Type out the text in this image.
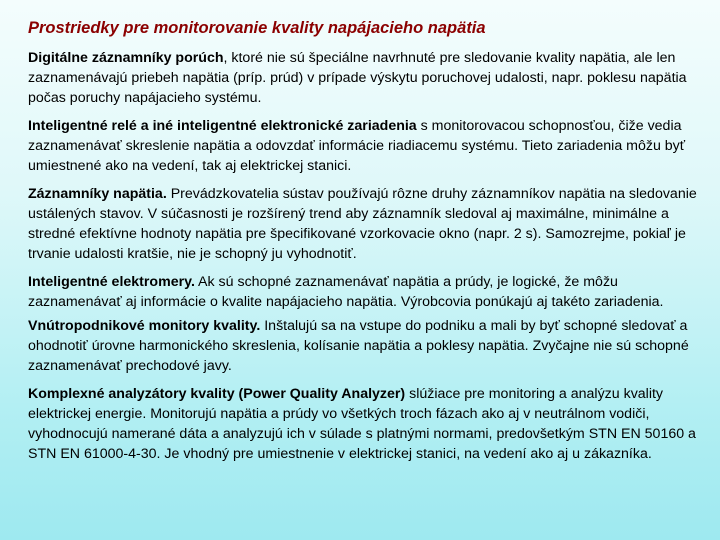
Prostriedky pre monitorovanie kvality napájacieho napätia
Digitálne záznamníky porúch, ktoré nie sú špeciálne navrhnuté pre sledovanie kvality napätia, ale len zaznamenávajú priebeh napätia (príp. prúd) v prípade výskytu poruchovej udalosti, napr. poklesu napätia počas poruchy napájacieho systému.
Inteligentné relé a iné inteligentné elektronické zariadenia s monitorovacou schopnosťou, čiže vedia zaznamenávať skreslenie napätia a odovzdať informácie riadiacemu systému. Tieto zariadenia môžu byť umiestnené ako na vedení, tak aj elektrickej stanici.
Záznamníky napätia. Prevádzkovatelia sústav používajú rôzne druhy záznamníkov napätia na sledovanie ustálených stavov. V súčasnosti je rozšírený trend aby záznamník sledoval aj maximálne, minimálne a stredné efektívne hodnoty napätia pre špecifikované vzorkovacie okno (napr. 2 s). Samozrejme, pokiaľ je trvanie udalosti kratšie, nie je schopný ju vyhodnotiť.
Inteligentné elektromery. Ak sú schopné zaznamenávať napätia a prúdy, je logické, že môžu zaznamenávať aj informácie o kvalite napájacieho napätia. Výrobcovia ponúkajú aj takéto zariadenia.
Vnútropodnikové monitory kvality. Inštalujú sa na vstupe do podniku a mali by byť schopné sledovať a ohodnotiť úrovne harmonického skreslenia, kolísanie napätia a poklesy napätia. Zvyčajne nie sú schopné zaznamenávať prechodové javy.
Komplexné analyzátory kvality (Power Quality Analyzer) slúžiace pre monitoring a analýzu kvality elektrickej energie. Monitorujú napätia a prúdy vo všetkých troch fázach ako aj v neutrálnom vodiči, vyhodnocujú namerané dáta a analyzujú ich v súlade s platnými normami, predovšetkým STN EN 50160 a STN EN 61000-4-30. Je vhodný pre umiestnenie v elektrickej stanici, na vedení ako aj u zákazníka.
